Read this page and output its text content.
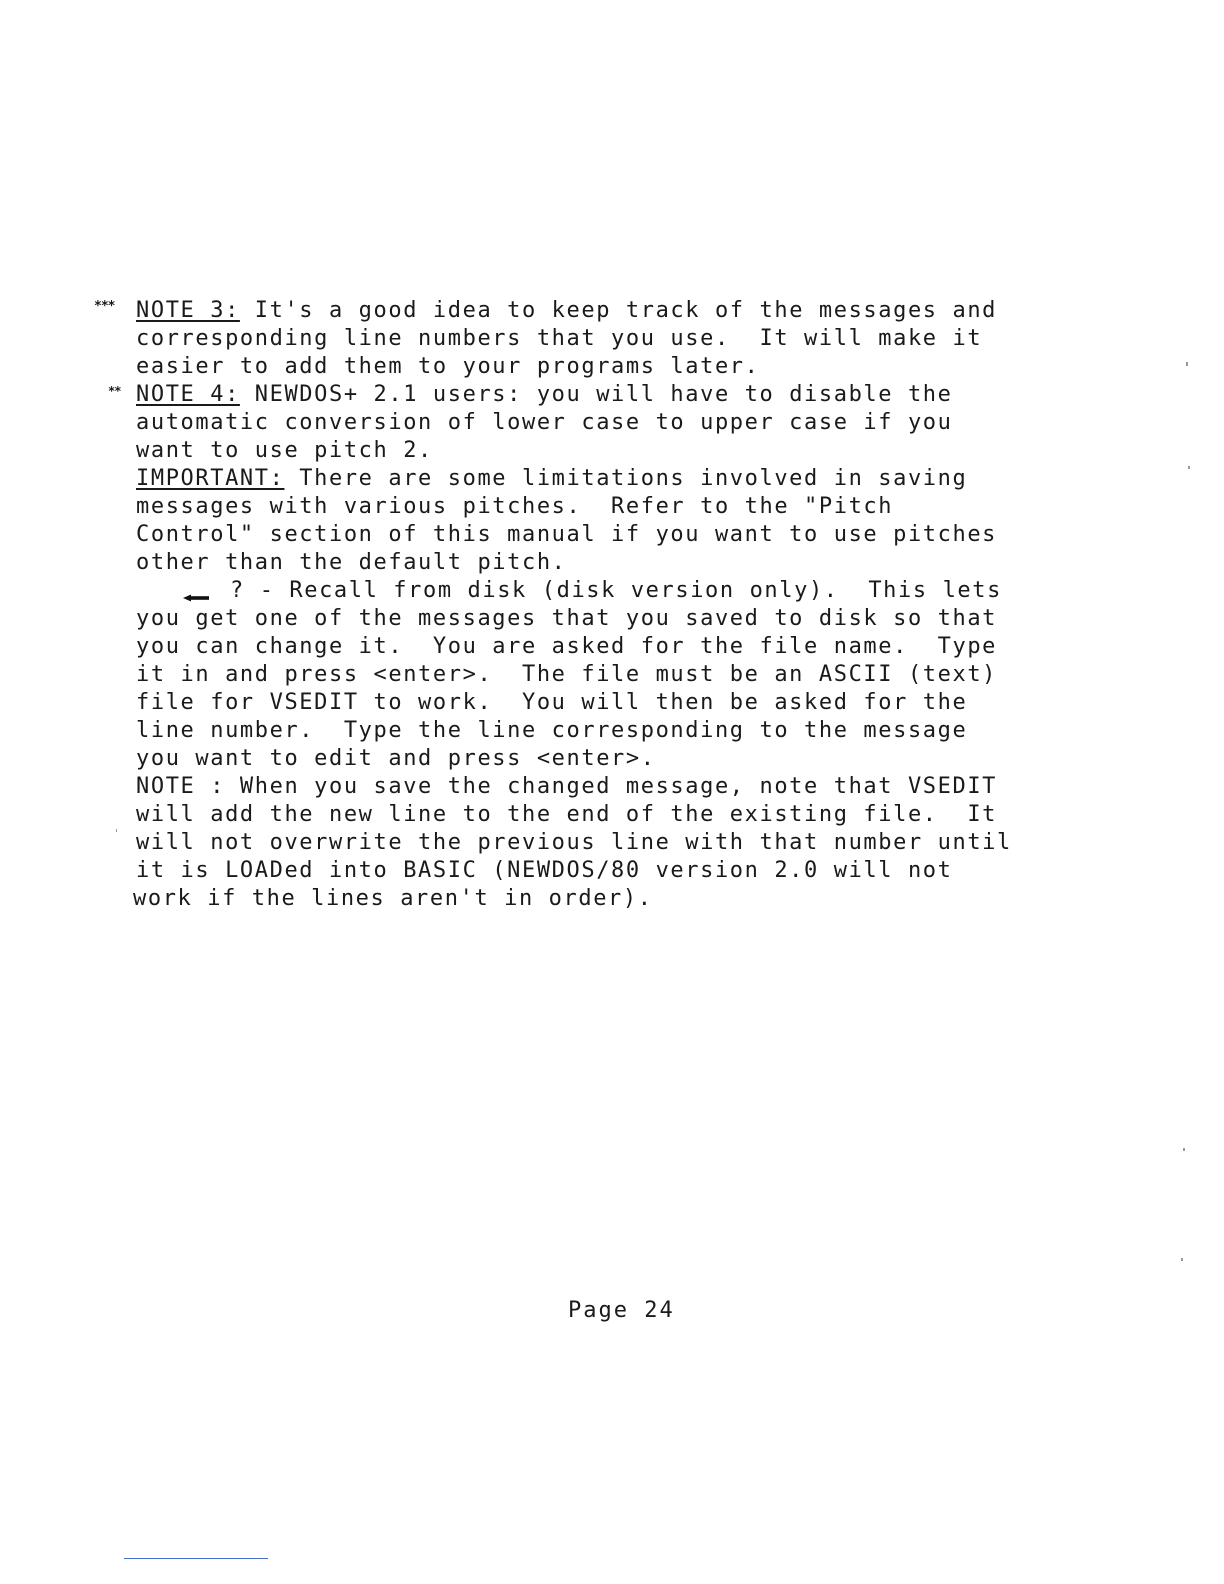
*** NOTE 3: It's a good idea to keep track of the messages and
corresponding line numbers that you use.  It will make it
easier to add them to your programs later.
** NOTE 4: NEWDOS+ 2.1 users: you will have to disable the
automatic conversion of lower case to upper case if you
want to use pitch 2.
IMPORTANT: There are some limitations involved in saving
messages with various pitches.  Refer to the "Pitch
Control" section of this manual if you want to use pitches
other than the default pitch.
? - Recall from disk (disk version only).  This lets
you get one of the messages that you saved to disk so that
you can change it.  You are asked for the file name.  Type
it in and press <enter>.  The file must be an ASCII (text)
file for VSEDIT to work.  You will then be asked for the
line number.  Type the line corresponding to the message
you want to edit and press <enter>.
NOTE : When you save the changed message, note that VSEDIT
will add the new line to the end of the existing file.  It
will not overwrite the previous line with that number until
it is LOADed into BASIC (NEWDOS/80 version 2.0 will not
work if the lines aren't in order).
Page 24
